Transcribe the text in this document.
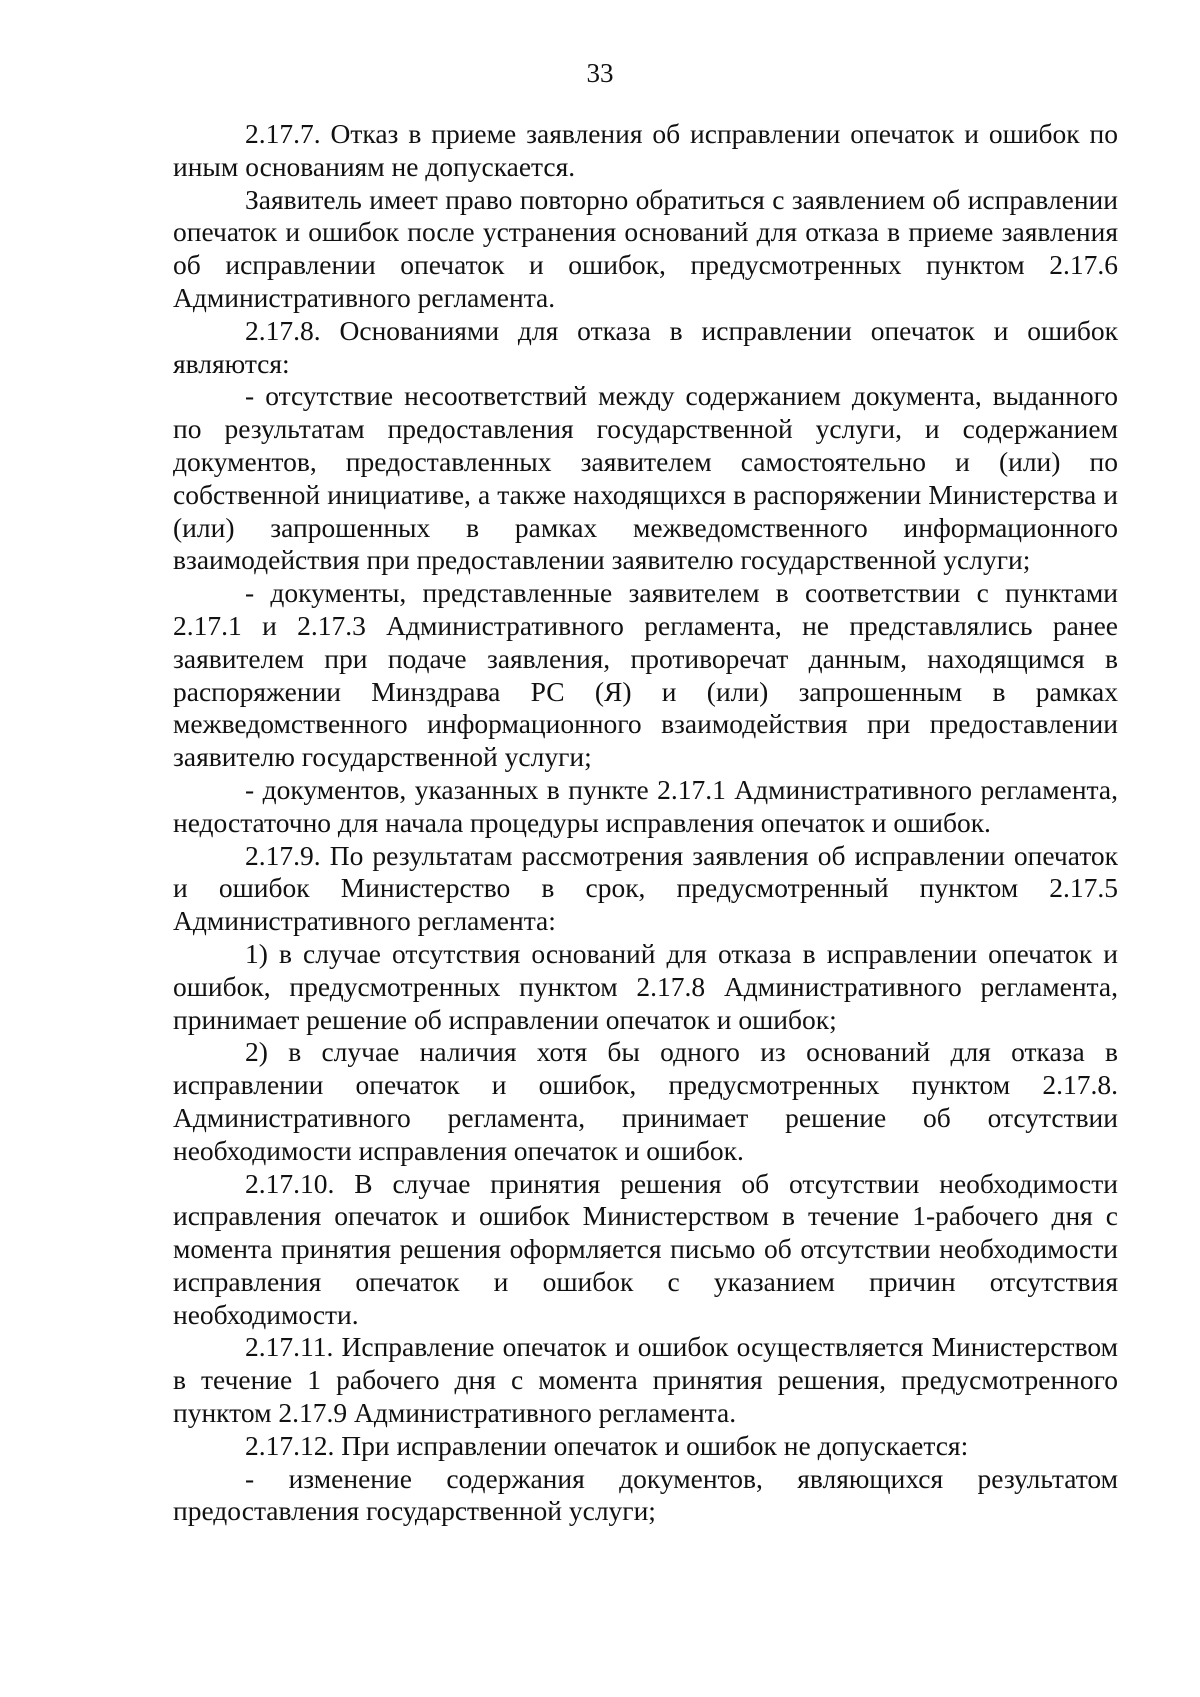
33

2.17.7. Отказ в приеме заявления об исправлении опечаток и ошибок по иным основаниям не допускается.

Заявитель имеет право повторно обратиться с заявлением об исправлении опечаток и ошибок после устранения оснований для отказа в приеме заявления об исправлении опечаток и ошибок, предусмотренных пунктом 2.17.6 Административного регламента.

2.17.8. Основаниями для отказа в исправлении опечаток и ошибок являются:

- отсутствие несоответствий между содержанием документа, выданного по результатам предоставления государственной услуги, и содержанием документов, предоставленных заявителем самостоятельно и (или) по собственной инициативе, а также находящихся в распоряжении Министерства и (или) запрошенных в рамках межведомственного информационного взаимодействия при предоставлении заявителю государственной услуги;

- документы, представленные заявителем в соответствии с пунктами 2.17.1 и 2.17.3 Административного регламента, не представлялись ранее заявителем при подаче заявления, противоречат данным, находящимся в распоряжении Минздрава РС (Я) и (или) запрошенным в рамках межведомственного информационного взаимодействия при предоставлении заявителю государственной услуги;

- документов, указанных в пункте 2.17.1 Административного регламента, недостаточно для начала процедуры исправления опечаток и ошибок.

2.17.9. По результатам рассмотрения заявления об исправлении опечаток и ошибок Министерство в срок, предусмотренный пунктом 2.17.5 Административного регламента:

1) в случае отсутствия оснований для отказа в исправлении опечаток и ошибок, предусмотренных пунктом 2.17.8 Административного регламента, принимает решение об исправлении опечаток и ошибок;

2) в случае наличия хотя бы одного из оснований для отказа в исправлении опечаток и ошибок, предусмотренных пунктом 2.17.8. Административного регламента, принимает решение об отсутствии необходимости исправления опечаток и ошибок.

2.17.10. В случае принятия решения об отсутствии необходимости исправления опечаток и ошибок Министерством в течение 1-рабочего дня с момента принятия решения оформляется письмо об отсутствии необходимости исправления опечаток и ошибок с указанием причин отсутствия необходимости.

2.17.11. Исправление опечаток и ошибок осуществляется Министерством в течение 1 рабочего дня с момента принятия решения, предусмотренного пунктом 2.17.9 Административного регламента.

2.17.12. При исправлении опечаток и ошибок не допускается:

- изменение содержания документов, являющихся результатом предоставления государственной услуги;
